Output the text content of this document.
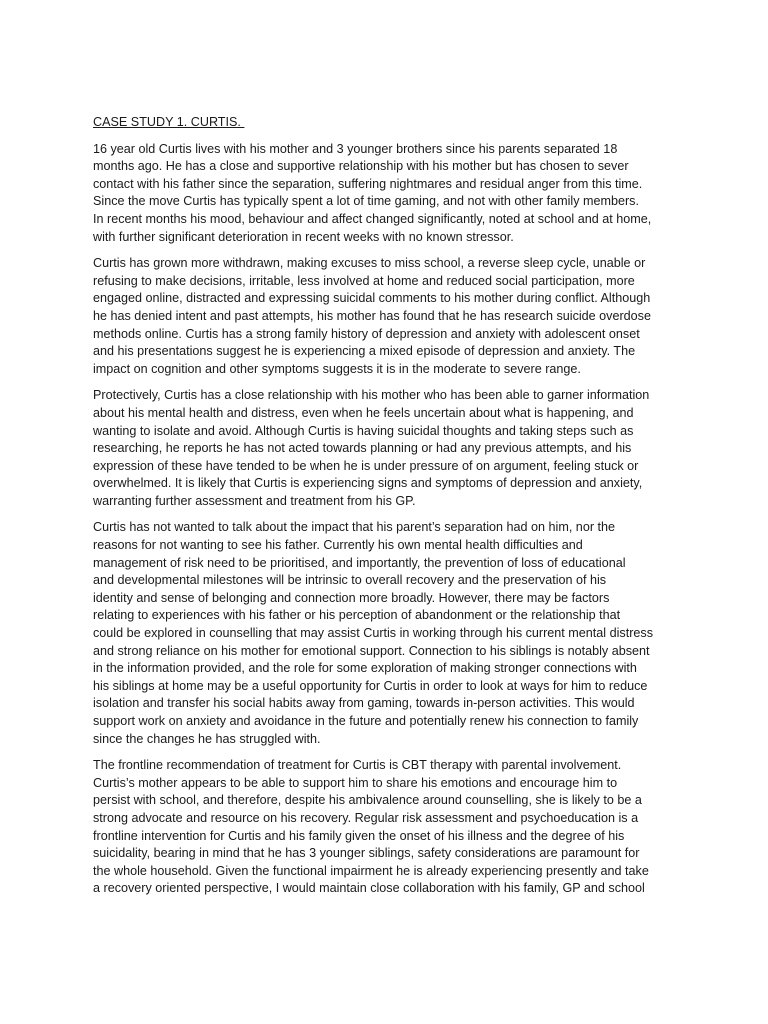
CASE STUDY 1. CURTIS.
16 year old Curtis lives with his mother and 3 younger brothers since his parents separated 18
months ago. He has a close and supportive relationship with his mother but has chosen to sever
contact with his father since the separation, suffering nightmares and residual anger from this time.
Since the move Curtis has typically spent a lot of time gaming, and not with other family members.
In recent months his mood, behaviour and affect changed significantly, noted at school and at home,
with further significant deterioration in recent weeks with no known stressor.
Curtis has grown more withdrawn, making excuses to miss school, a reverse sleep cycle, unable or
refusing to make decisions, irritable, less involved at home and reduced social participation, more
engaged online, distracted and expressing suicidal comments to his mother during conflict. Although
he has denied intent and past attempts, his mother has found that he has research suicide overdose
methods online. Curtis has a strong family history of depression and anxiety with adolescent onset
and his presentations suggest he is experiencing a mixed episode of depression and anxiety. The
impact on cognition and other symptoms suggests it is in the moderate to severe range.
Protectively, Curtis has a close relationship with his mother who has been able to garner information
about his mental health and distress, even when he feels uncertain about what is happening, and
wanting to isolate and avoid. Although Curtis is having suicidal thoughts and taking steps such as
researching, he reports he has not acted towards planning or had any previous attempts, and his
expression of these have tended to be when he is under pressure of on argument, feeling stuck or
overwhelmed. It is likely that Curtis is experiencing signs and symptoms of depression and anxiety,
warranting further assessment and treatment from his GP.
Curtis has not wanted to talk about the impact that his parent’s separation had on him, nor the
reasons for not wanting to see his father. Currently his own mental health difficulties and
management of risk need to be prioritised, and importantly, the prevention of loss of educational
and developmental milestones will be intrinsic to overall recovery and the preservation of his
identity and sense of belonging and connection more broadly. However, there may be factors
relating to experiences with his father or his perception of abandonment or the relationship that
could be explored in counselling that may assist Curtis in working through his current mental distress
and strong reliance on his mother for emotional support. Connection to his siblings is notably absent
in the information provided, and the role for some exploration of making stronger connections with
his siblings at home may be a useful opportunity for Curtis in order to look at ways for him to reduce
isolation and transfer his social habits away from gaming, towards in-person activities. This would
support work on anxiety and avoidance in the future and potentially renew his connection to family
since the changes he has struggled with.
The frontline recommendation of treatment for Curtis is CBT therapy with parental involvement.
Curtis’s mother appears to be able to support him to share his emotions and encourage him to
persist with school, and therefore, despite his ambivalence around counselling, she is likely to be a
strong advocate and resource on his recovery. Regular risk assessment and psychoeducation is a
frontline intervention for Curtis and his family given the onset of his illness and the degree of his
suicidality, bearing in mind that he has 3 younger siblings, safety considerations are paramount for
the whole household. Given the functional impairment he is already experiencing presently and take
a recovery oriented perspective, I would maintain close collaboration with his family, GP and school
